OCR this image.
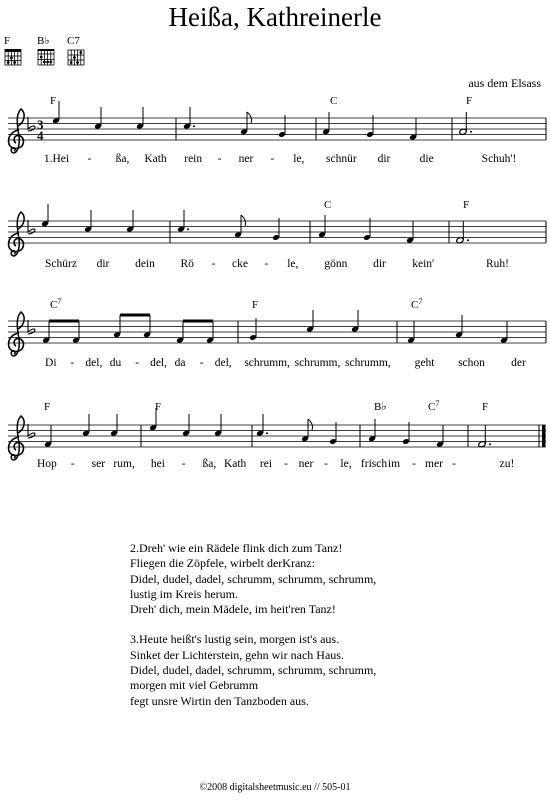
Heißa, Kathreinerle
F	B♭	C7
aus dem Elsass
3
4
F	C	F
C	F
$C^7$	F	$C^7$
F	F	B♭	$C^7$	F
1.Hei - ßa, Kath rein - ner - le, schnür dir	die	Schuh'!
Schürz dir dein Rö - cke - le, gönn dir kein'	Ruh!
Di - del, du - del, da - del, schrumm, schrumm, schrumm, geht schon der
Hop - ser rum, hei - ßa, Kath rei - ner - le, frisch im - mer -	zu!
2.Dreh' wie ein Rädele flink dich zum Tanz!
Fliegen die Zöpfele, wirbelt derKranz:
Didel, dudel, dadel, schrumm, schrumm, schrumm,
lustig im Kreis herum.
Dreh' dich, mein Mädele, im heit'ren Tanz!
3.Heute heißt's lustig sein, morgen ist's aus.
Sinket der Lichterstein, gehn wir nach Haus.
Didel, dudel, dadel, schrumm, schrumm, schrumm,
morgen mit viel Gebrumm
fegt unsre Wirtin den Tanzboden aus.
©2008 digitalsheetmusic.eu // 505-01
